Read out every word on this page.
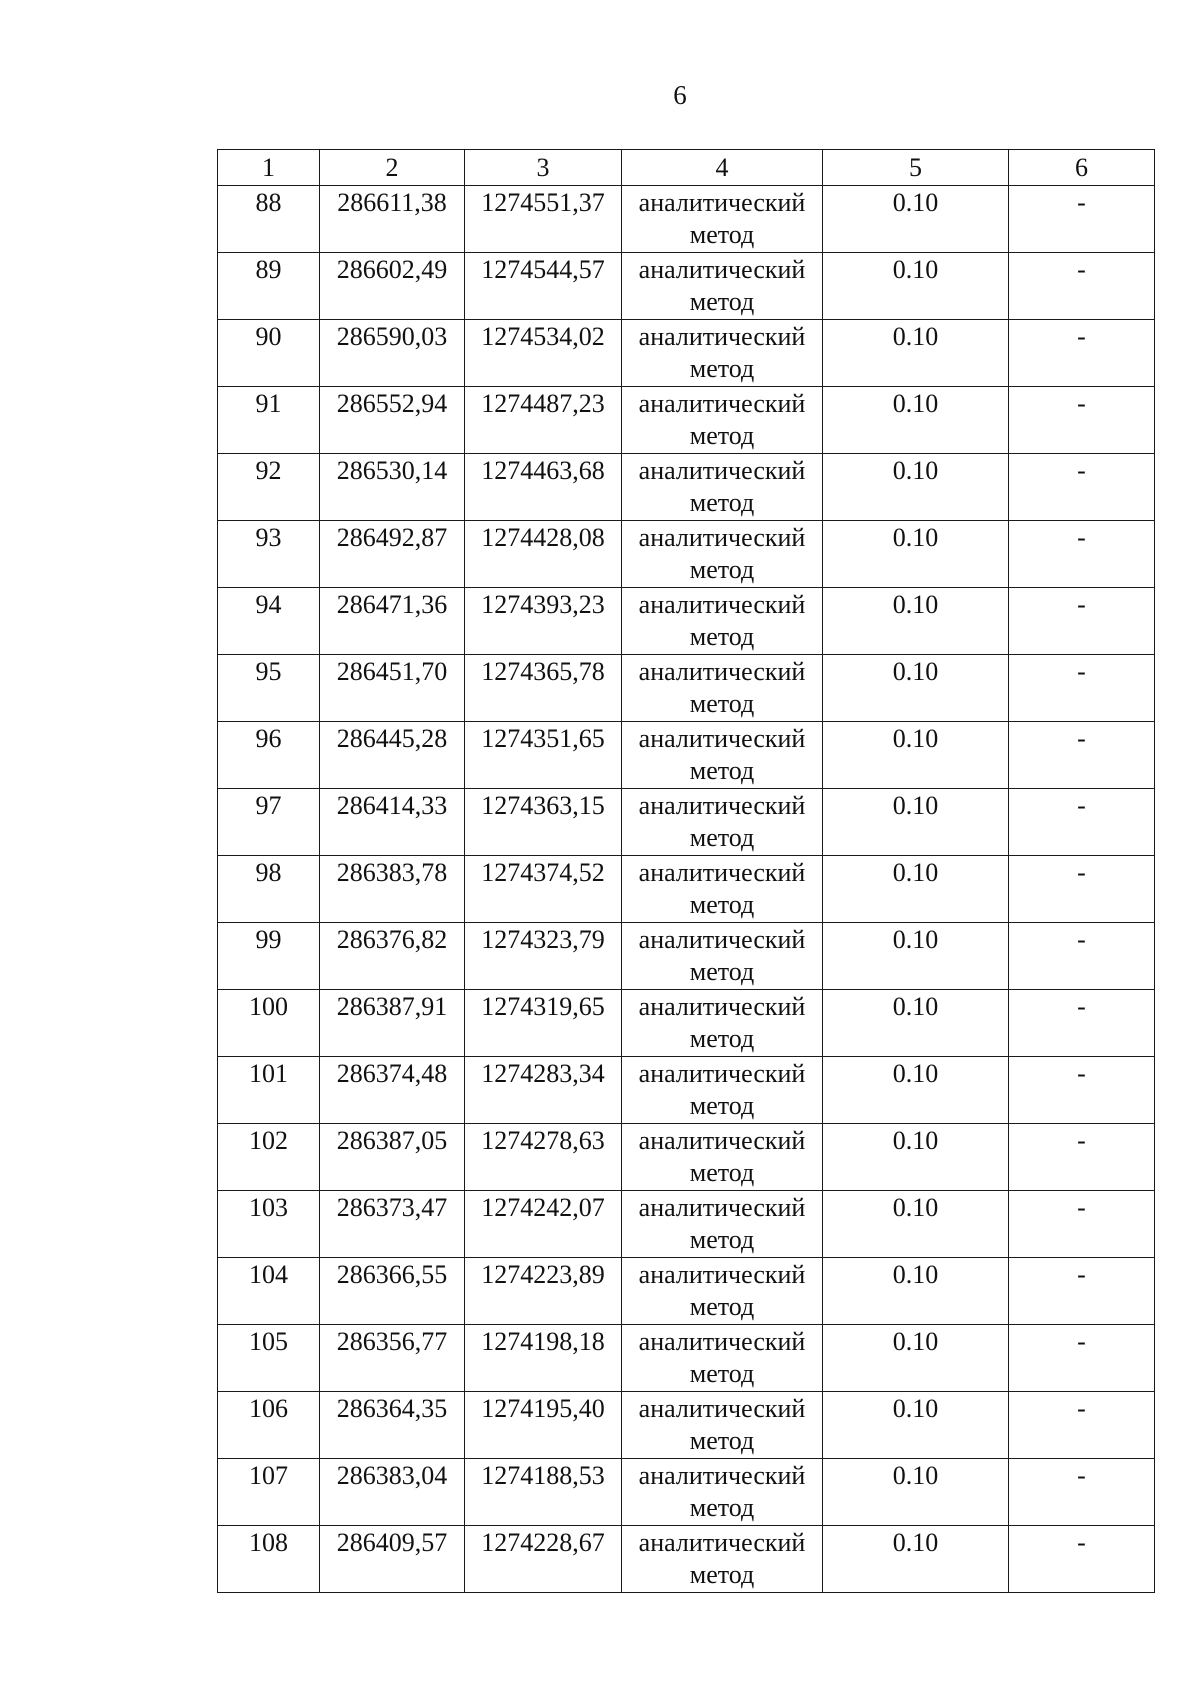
6
1	2	3	4	5	6
88	286611,38	1274551,37	аналитический метод	0.10	-
89	286602,49	1274544,57	аналитический метод	0.10	-
90	286590,03	1274534,02	аналитический метод	0.10	-
91	286552,94	1274487,23	аналитический метод	0.10	-
92	286530,14	1274463,68	аналитический метод	0.10	-
93	286492,87	1274428,08	аналитический метод	0.10	-
94	286471,36	1274393,23	аналитический метод	0.10	-
95	286451,70	1274365,78	аналитический метод	0.10	-
96	286445,28	1274351,65	аналитический метод	0.10	-
97	286414,33	1274363,15	аналитический метод	0.10	-
98	286383,78	1274374,52	аналитический метод	0.10	-
99	286376,82	1274323,79	аналитический метод	0.10	-
100	286387,91	1274319,65	аналитический метод	0.10	-
101	286374,48	1274283,34	аналитический метод	0.10	-
102	286387,05	1274278,63	аналитический метод	0.10	-
103	286373,47	1274242,07	аналитический метод	0.10	-
104	286366,55	1274223,89	аналитический метод	0.10	-
105	286356,77	1274198,18	аналитический метод	0.10	-
106	286364,35	1274195,40	аналитический метод	0.10	-
107	286383,04	1274188,53	аналитический метод	0.10	-
108	286409,57	1274228,67	аналитический метод	0.10	-
